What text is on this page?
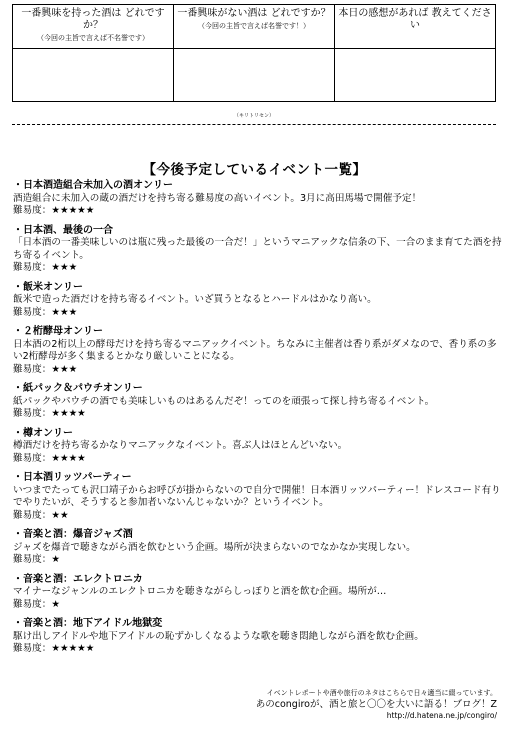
一番興味を持った酒は どれですか？
（今回の主旨で言えば不名誉です）
一番興味がない酒は どれですか？
（今回の主旨で言えば名誉です！）
本日の感想があれば 教えてください
（キリトリセン）
【今後予定しているイベント一覧】
・日本酒造組合未加入の酒オンリー
酒造組合に未加入の蔵の酒だけを持ち寄る難易度の高いイベント。3月に高田馬場で開催予定！
難易度：★★★★★
・日本酒、最後の一合
「日本酒の一番美味しいのは瓶に残った最後の一合だ！」というマニアックな信条の下、一合のまま育てた酒を持ち寄るイベント。
難易度：★★★
・飯米オンリー
飯米で造った酒だけを持ち寄るイベント。いざ買うとなるとハードルはかなり高い。
難易度：★★★
・２桁酵母オンリー
日本酒の2桁以上の酵母だけを持ち寄るマニアックイベント。ちなみに主催者は香り系がダメなので、香り系の多い2桁酵母が多く集まるとかなり厳しいことになる。
難易度：★★★
・紙パック＆パウチオンリー
紙パックやパウチの酒でも美味しいものはあるんだぞ！ってのを頑張って探し持ち寄るイベント。
難易度：★★★★
・樽オンリー
樽酒だけを持ち寄るかなりマニアックなイベント。喜ぶ人はほとんどいない。
難易度：★★★★
・日本酒リッツパーティー
いつまでたっても沢口靖子からお呼びが掛からないので自分で開催！日本酒リッツパーティー！ドレスコード有りでやりたいが、そうすると参加者いないんじゃないか？というイベント。
難易度：★★
・音楽と酒：爆音ジャズ酒
ジャズを爆音で聴きながら酒を飲むという企画。場所が決まらないのでなかなか実現しない。
難易度：★
・音楽と酒：エレクトロニカ
マイナーなジャンルのエレクトロニカを聴きながらしっぽりと酒を飲む企画。場所が…
難易度：★
・音楽と酒：地下アイドル地獄変
駆け出しアイドルや地下アイドルの恥ずかしくなるような歌を聴き悶絶しながら酒を飲む企画。
難易度：★★★★★
イベントレポートや酒や旅行のネタはこちらで日々適当に綴っています。
あのcongiroが、酒と旅と〇〇を大いに語る！ブログ！Z
http://d.hatena.ne.jp/congiro/
